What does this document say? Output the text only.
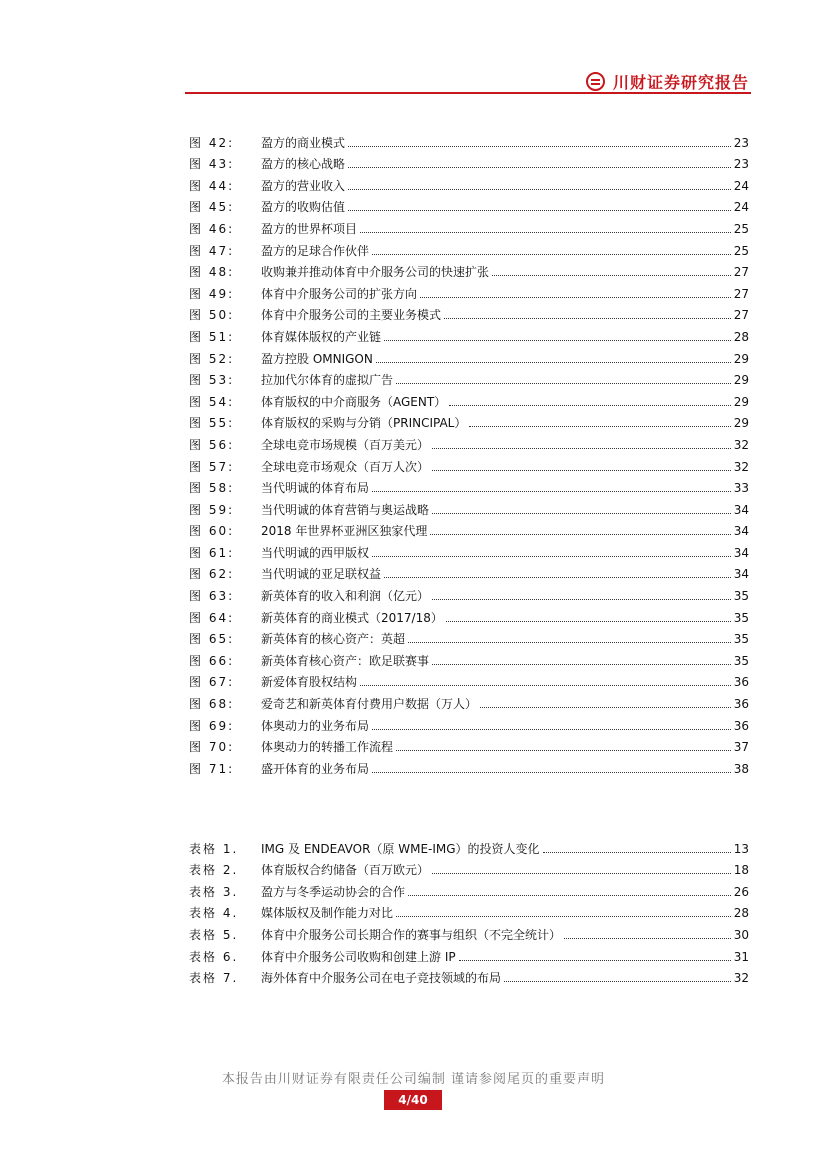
川财证券研究报告
图 42:	盈方的商业模式	23
图 43:	盈方的核心战略	23
图 44:	盈方的营业收入	24
图 45:	盈方的收购估值	24
图 46:	盈方的世界杯项目	25
图 47:	盈方的足球合作伙伴	25
图 48:	收购兼并推动体育中介服务公司的快速扩张	27
图 49:	体育中介服务公司的扩张方向	27
图 50:	体育中介服务公司的主要业务模式	27
图 51:	体育媒体版权的产业链	28
图 52:	盈方控股 OMNIGON	29
图 53:	拉加代尔体育的虚拟广告	29
图 54:	体育版权的中介商服务（AGENT）	29
图 55:	体育版权的采购与分销（PRINCIPAL）	29
图 56:	全球电竞市场规模（百万美元）	32
图 57:	全球电竞市场观众（百万人次）	32
图 58:	当代明诚的体育布局	33
图 59:	当代明诚的体育营销与奥运战略	34
图 60:	2018 年世界杯亚洲区独家代理	34
图 61:	当代明诚的西甲版权	34
图 62:	当代明诚的亚足联权益	34
图 63:	新英体育的收入和利润（亿元）	35
图 64:	新英体育的商业模式（2017/18）	35
图 65:	新英体育的核心资产：英超	35
图 66:	新英体育核心资产：欧足联赛事	35
图 67:	新爱体育股权结构	36
图 68:	爱奇艺和新英体育付费用户数据（万人）	36
图 69:	体奥动力的业务布局	36
图 70:	体奥动力的转播工作流程	37
图 71:	盛开体育的业务布局	38
表格 1.	IMG 及 ENDEAVOR（原 WME-IMG）的投资人变化	13
表格 2.	体育版权合约储备（百万欧元）	18
表格 3.	盈方与冬季运动协会的合作	26
表格 4.	媒体版权及制作能力对比	28
表格 5.	体育中介服务公司长期合作的赛事与组织（不完全统计）	30
表格 6.	体育中介服务公司收购和创建上游 IP	31
表格 7.	海外体育中介服务公司在电子竞技领域的布局	32
本报告由川财证券有限责任公司编制 谨请参阅尾页的重要声明
4/40
